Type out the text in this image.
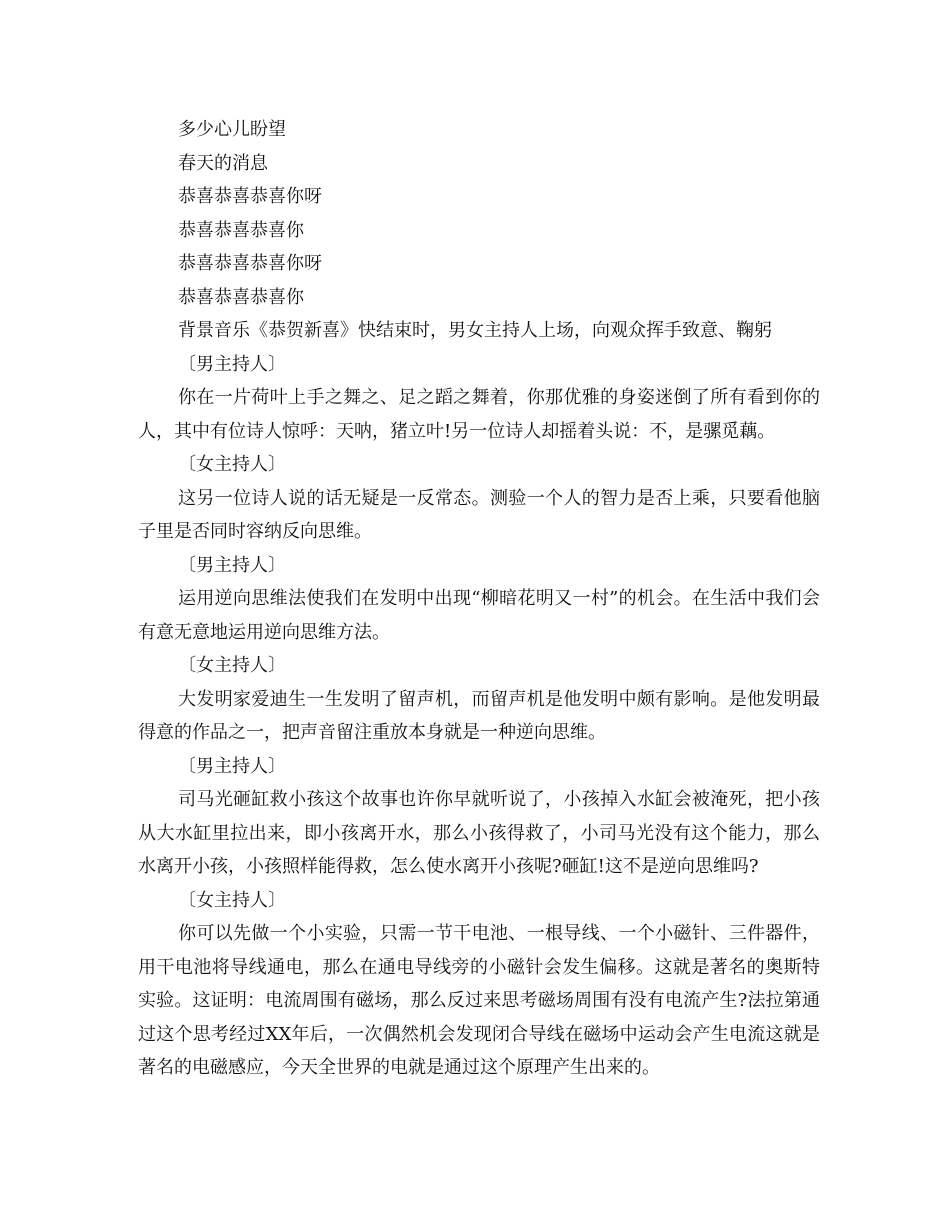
多少心儿盼望

春天的消息

恭喜恭喜恭喜你呀

恭喜恭喜恭喜你

恭喜恭喜恭喜你呀

恭喜恭喜恭喜你

背景音乐《恭贺新喜》快结束时，男女主持人上场，向观众挥手致意、鞠躬

〔男主持人〕

你在一片荷叶上手之舞之、足之蹈之舞着，你那优雅的身姿迷倒了所有看到你的人，其中有位诗人惊呼：天呐，猪立叶!另一位诗人却摇着头说：不，是骡觅藕。

〔女主持人〕

这另一位诗人说的话无疑是一反常态。测验一个人的智力是否上乘，只要看他脑子里是否同时容纳反向思维。

〔男主持人〕

运用逆向思维法使我们在发明中出现“柳暗花明又一村”的机会。在生活中我们会有意无意地运用逆向思维方法。

〔女主持人〕

大发明家爱迪生一生发明了留声机，而留声机是他发明中颇有影响。是他发明最得意的作品之一，把声音留注重放本身就是一种逆向思维。

〔男主持人〕

司马光砸缸救小孩这个故事也许你早就听说了，小孩掉入水缸会被淹死，把小孩从大水缸里拉出来，即小孩离开水，那么小孩得救了，小司马光没有这个能力，那么水离开小孩，小孩照样能得救，怎么使水离开小孩呢?砸缸!这不是逆向思维吗?

〔女主持人〕

你可以先做一个小实验，只需一节干电池、一根导线、一个小磁针、三件器件，用干电池将导线通电，那么在通电导线旁的小磁针会发生偏移。这就是著名的奥斯特实验。这证明：电流周围有磁场，那么反过来思考磁场周围有没有电流产生?法拉第通过这个思考经过XX年后，一次偶然机会发现闭合导线在磁场中运动会产生电流这就是著名的电磁感应，今天全世界的电就是通过这个原理产生出来的。
